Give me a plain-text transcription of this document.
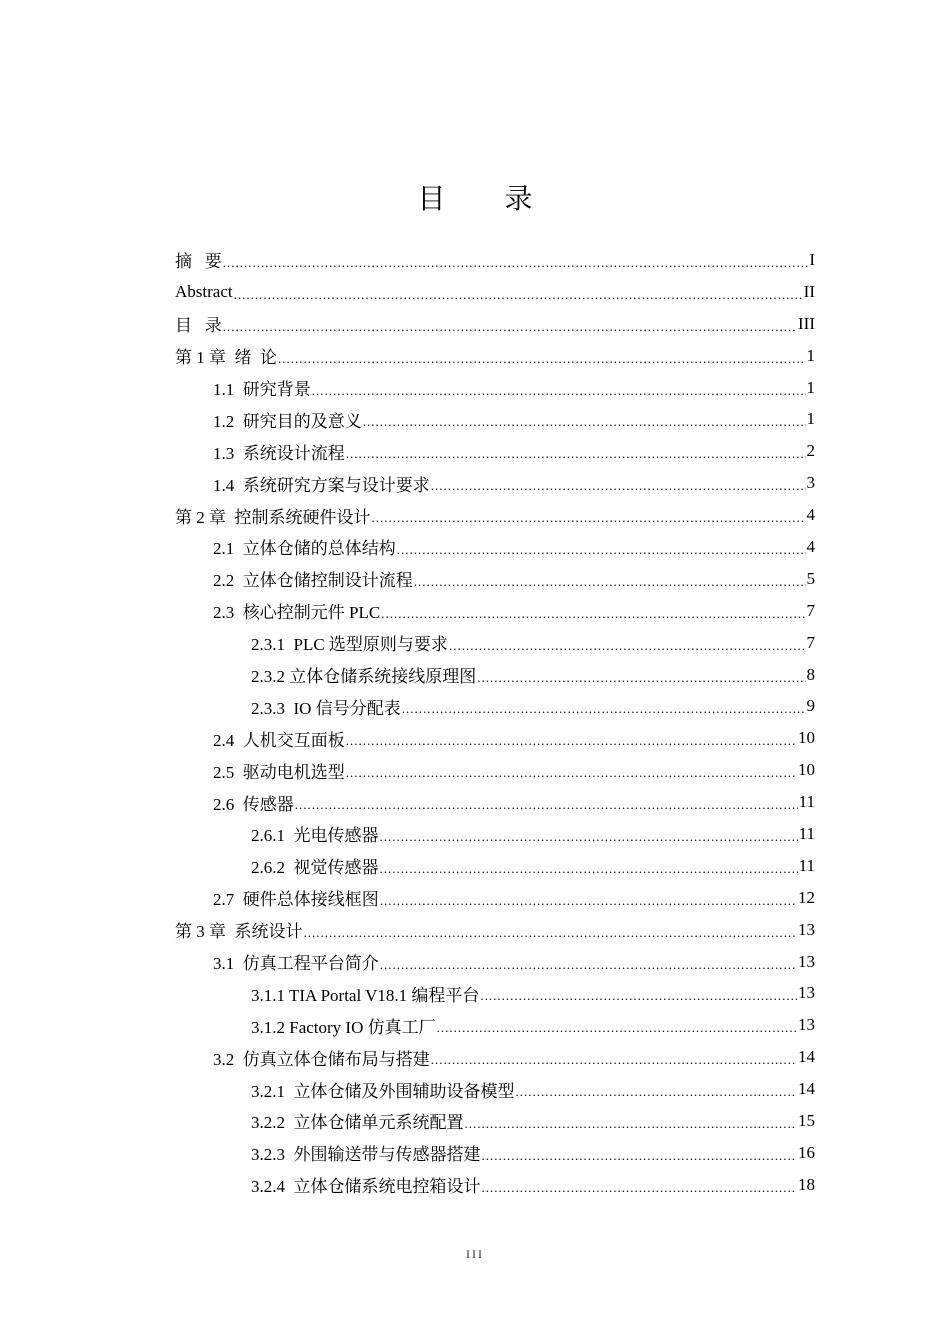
目 录
摘   要 .....	I
Abstract .....	II
目   录 .....	III
第 1 章  绪  论 .....	1
1.1  研究背景 .....	1
1.2  研究目的及意义 .....	1
1.3  系统设计流程 .....	2
1.4  系统研究方案与设计要求 .....	3
第 2 章  控制系统硬件设计 .....	4
2.1  立体仓储的总体结构 .....	4
2.2  立体仓储控制设计流程 .....	5
2.3  核心控制元件 PLC .....	7
2.3.1  PLC 选型原则与要求 .....	7
2.3.2 立体仓储系统接线原理图 .....	8
2.3.3  IO 信号分配表 .....	9
2.4  人机交互面板 .....	10
2.5  驱动电机选型 .....	10
2.6  传感器 .....	11
2.6.1  光电传感器 .....	11
2.6.2  视觉传感器 .....	11
2.7  硬件总体接线框图 .....	12
第 3 章  系统设计 .....	13
3.1  仿真工程平台简介 .....	13
3.1.1 TIA Portal V18.1 编程平台 .....	13
3.1.2 Factory IO 仿真工厂 .....	13
3.2  仿真立体仓储布局与搭建 .....	14
3.2.1  立体仓储及外围辅助设备模型 .....	14
3.2.2  立体仓储单元系统配置 .....	15
3.2.3  外围输送带与传感器搭建 .....	16
3.2.4  立体仓储系统电控箱设计 .....	18
III
